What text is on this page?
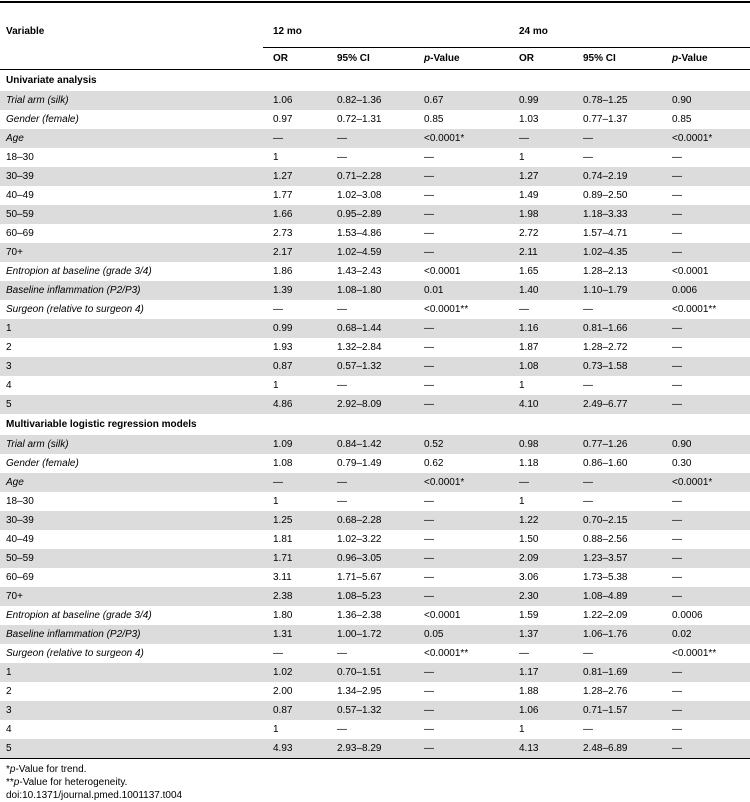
Variable	12 mo			24 mo		
	OR	95% CI	p-Value	OR	95% CI	p-Value

Univariate analysis						
Trial arm (silk)	1.06	0.82–1.36	0.67	0.99	0.78–1.25	0.90
Gender (female)	0.97	0.72–1.31	0.85	1.03	0.77–1.37	0.85
Age	—	—	<0.0001*	—	—	<0.0001*
18–30	1	—	—	1	—	—
30–39	1.27	0.71–2.28	—	1.27	0.74–2.19	—
40–49	1.77	1.02–3.08	—	1.49	0.89–2.50	—
50–59	1.66	0.95–2.89	—	1.98	1.18–3.33	—
60–69	2.73	1.53–4.86	—	2.72	1.57–4.71	—
70+	2.17	1.02–4.59	—	2.11	1.02–4.35	—
Entropion at baseline (grade 3/4)	1.86	1.43–2.43	<0.0001	1.65	1.28–2.13	<0.0001
Baseline inflammation (P2/P3)	1.39	1.08–1.80	0.01	1.40	1.10–1.79	0.006
Surgeon (relative to surgeon 4)	—	—	<0.0001**	—	—	<0.0001**
1	0.99	0.68–1.44	—	1.16	0.81–1.66	—
2	1.93	1.32–2.84	—	1.87	1.28–2.72	—
3	0.87	0.57–1.32	—	1.08	0.73–1.58	—
4	1	—	—	1	—	—
5	4.86	2.92–8.09	—	4.10	2.49–6.77	—
Multivariable logistic regression models						
Trial arm (silk)	1.09	0.84–1.42	0.52	0.98	0.77–1.26	0.90
Gender (female)	1.08	0.79–1.49	0.62	1.18	0.86–1.60	0.30
Age	—	—	<0.0001*	—	—	<0.0001*
18–30	1	—	—	1	—	—
30–39	1.25	0.68–2.28	—	1.22	0.70–2.15	—
40–49	1.81	1.02–3.22	—	1.50	0.88–2.56	—
50–59	1.71	0.96–3.05	—	2.09	1.23–3.57	—
60–69	3.11	1.71–5.67	—	3.06	1.73–5.38	—
70+	2.38	1.08–5.23	—	2.30	1.08–4.89	—
Entropion at baseline (grade 3/4)	1.80	1.36–2.38	<0.0001	1.59	1.22–2.09	0.0006
Baseline inflammation (P2/P3)	1.31	1.00–1.72	0.05	1.37	1.06–1.76	0.02
Surgeon (relative to surgeon 4)	—	—	<0.0001**	—	—	<0.0001**
1	1.02	0.70–1.51	—	1.17	0.81–1.69	—
2	2.00	1.34–2.95	—	1.88	1.28–2.76	—
3	0.87	0.57–1.32	—	1.06	0.71–1.57	—
4	1	—	—	1	—	—
5	4.93	2.93–8.29	—	4.13	2.48–6.89	—
*p-Value for trend.
**p-Value for heterogeneity.
doi:10.1371/journal.pmed.1001137.t004
